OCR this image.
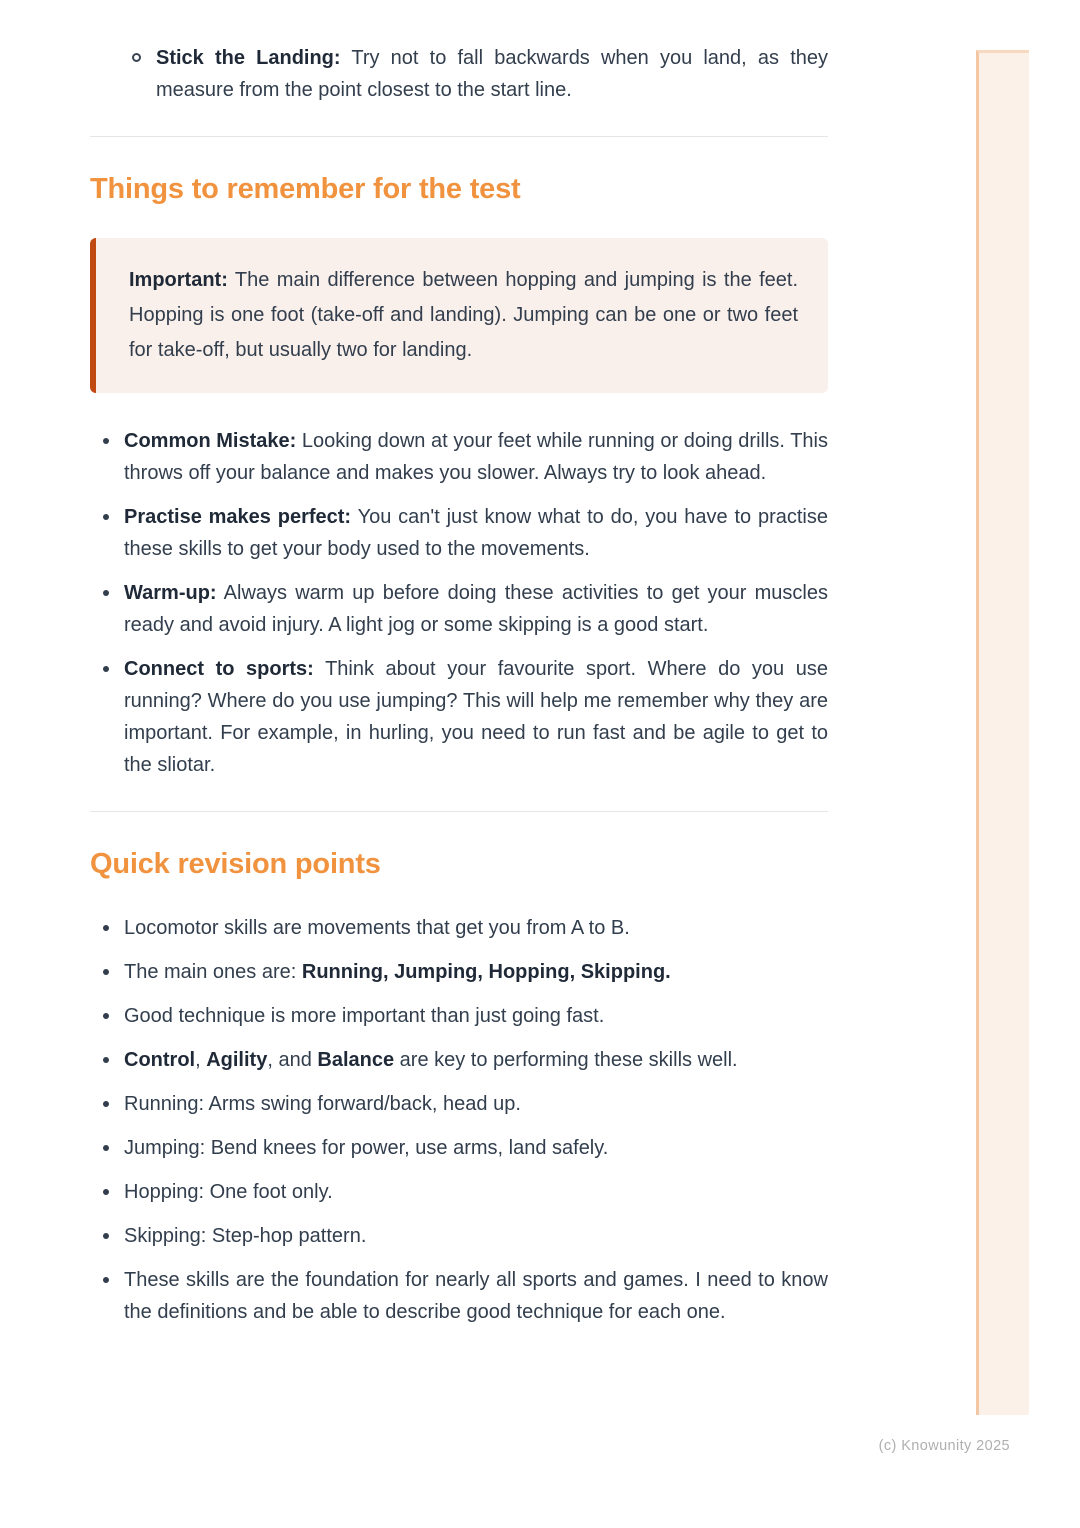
Stick the Landing: Try not to fall backwards when you land, as they measure from the point closest to the start line.
Things to remember for the test

Important: The main difference between hopping and jumping is the feet. Hopping is one foot (take-off and landing). Jumping can be one or two feet for take-off, but usually two for landing.

Common Mistake: Looking down at your feet while running or doing drills. This throws off your balance and makes you slower. Always try to look ahead.
Practise makes perfect: You can't just know what to do, you have to practise these skills to get your body used to the movements.
Warm-up: Always warm up before doing these activities to get your muscles ready and avoid injury. A light jog or some skipping is a good start.
Connect to sports: Think about your favourite sport. Where do you use running? Where do you use jumping? This will help me remember why they are important. For example, in hurling, you need to run fast and be agile to get to the sliotar.
Quick revision points
Locomotor skills are movements that get you from A to B.
The main ones are: Running, Jumping, Hopping, Skipping.
Good technique is more important than just going fast.
Control, Agility, and Balance are key to performing these skills well.
Running: Arms swing forward/back, head up.
Jumping: Bend knees for power, use arms, land safely.
Hopping: One foot only.
Skipping: Step-hop pattern.
These skills are the foundation for nearly all sports and games. I need to know the definitions and be able to describe good technique for each one.
(c) Knowunity 2025
